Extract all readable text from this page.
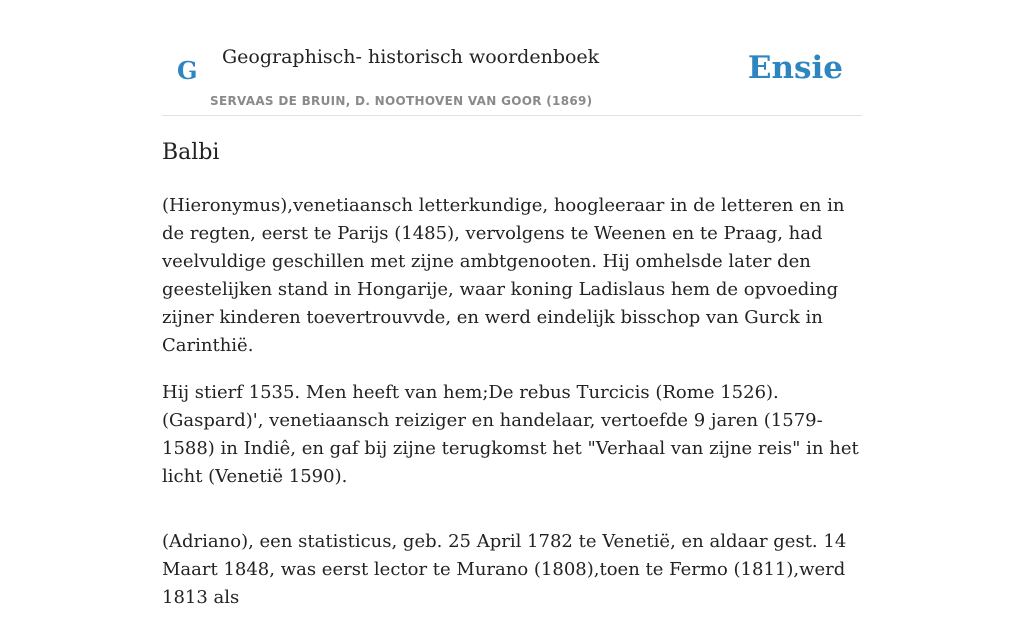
G Geographisch- historisch woordenboek
SERVAAS DE BRUIN, D. NOOTHOVEN VAN GOOR (1869)
Ensie
Balbi

(Hieronymus),venetiaansch letterkundige, hoogleeraar in de letteren en in de regten, eerst te Parijs (1485), vervolgens te Weenen en te Praag, had veelvuldige geschillen met zijne ambtgenooten. Hij omhelsde later den geestelijken stand in Hongarije, waar koning Ladislaus hem de opvoeding zijner kinderen toevertrouvvde, en werd eindelijk bisschop van Gurck in Carinthië.

Hij stierf 1535. Men heeft van hem;De rebus Turcicis (Rome 1526).(Gaspard)', venetiaansch reiziger en handelaar, vertoefde 9 jaren (1579-1588) in Indiê, en gaf bij zijne terugkomst het "Verhaal van zijne reis" in het licht (Venetië 1590).

(Adriano), een statisticus, geb. 25 April 1782 te Venetië, en aldaar gest. 14 Maart 1848, was eerst lector te Murano (1808),toen te Fermo (1811),werd 1813 als
